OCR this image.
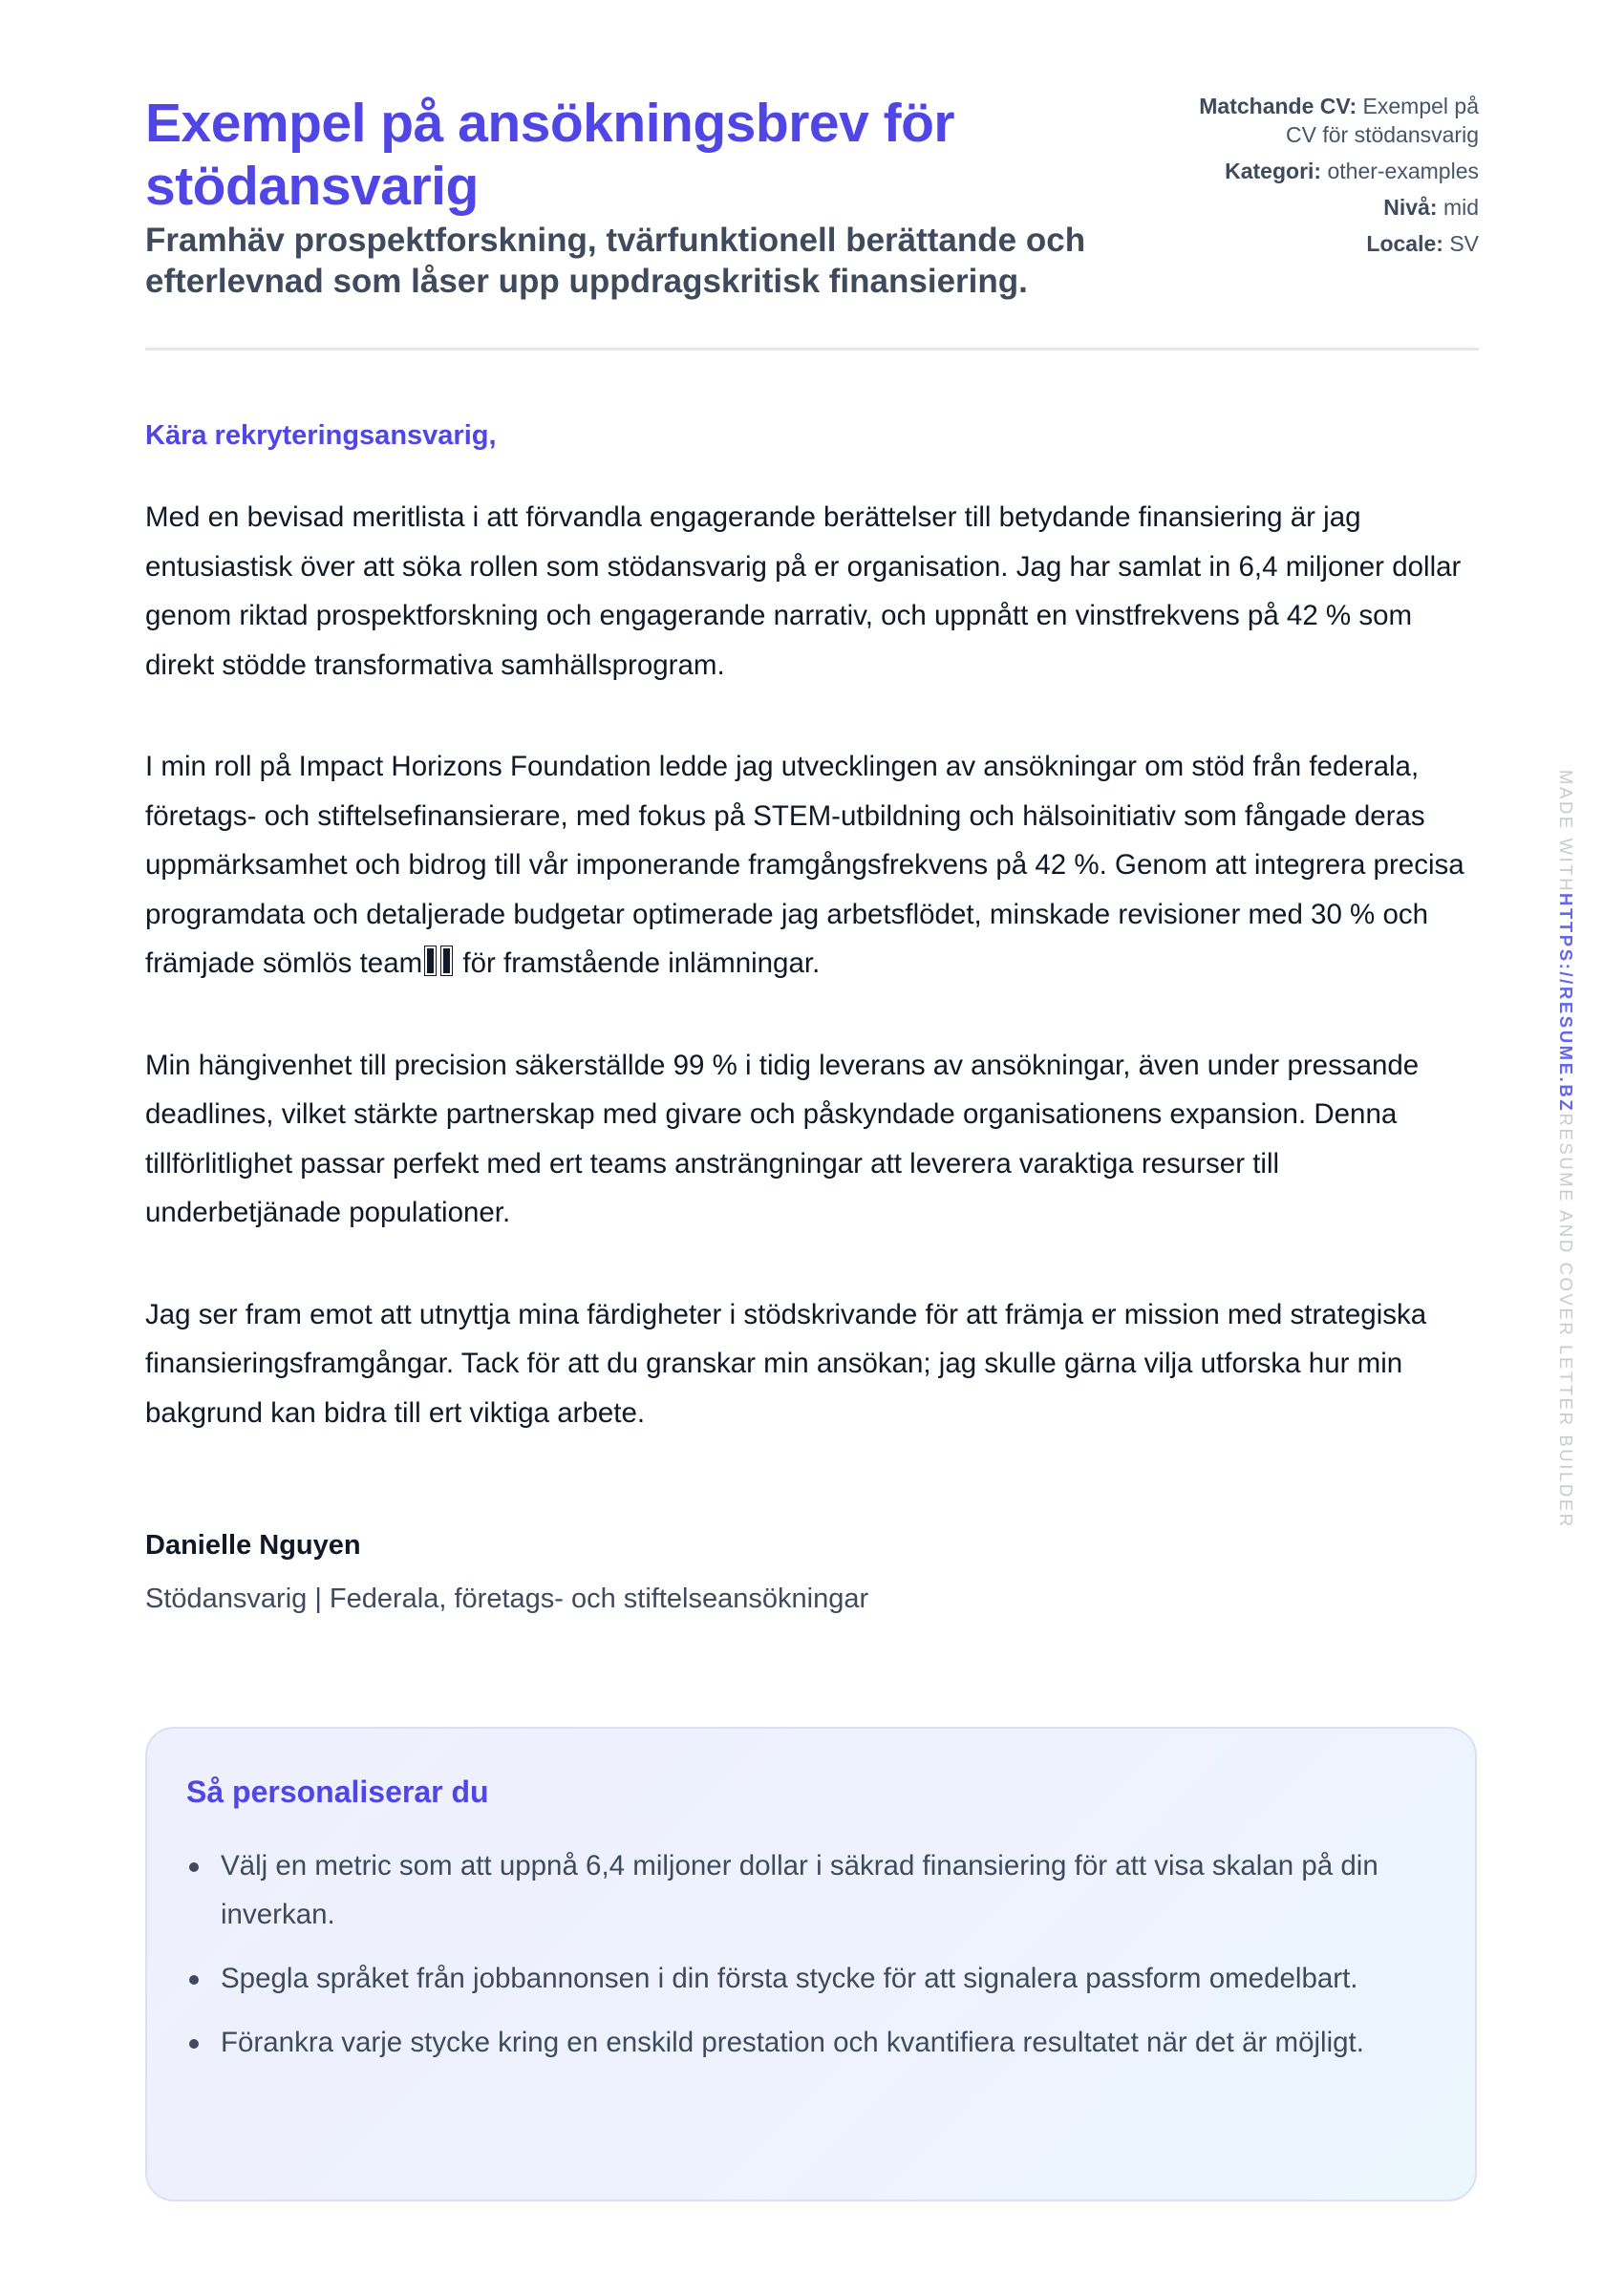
Exempel på ansökningsbrev för stödansvarig

Framhäv prospektforskning, tvärfunktionell berättande och efterlevnad som låser upp uppdragskritisk finansiering.

Matchande CV: Exempel på CV för stödansvarig
Kategori: other-examples
Nivå: mid
Locale: SV

Kära rekryteringsansvarig,

Med en bevisad meritlista i att förvandla engagerande berättelser till betydande finansiering är jag entusiastisk över att söka rollen som stödansvarig på er organisation. Jag har samlat in 6,4 miljoner dollar genom riktad prospektforskning och engagerande narrativ, och uppnått en vinstfrekvens på 42 % som direkt stödde transformativa samhällsprogram.

I min roll på Impact Horizons Foundation ledde jag utvecklingen av ansökningar om stöd från federala, företags- och stiftelsefinansierare, med fokus på STEM-utbildning och hälsoinitiativ som fångade deras uppmärksamhet och bidrog till vår imponerande framgångsfrekvens på 42 %. Genom att integrera precisa programdata och detaljerade budgetar optimerade jag arbetsflödet, minskade revisioner med 30 % och främjade sömlös team för framstående inlämningar.

Min hängivenhet till precision säkerställde 99 % i tidig leverans av ansökningar, även under pressande deadlines, vilket stärkte partnerskap med givare och påskyndade organisationens expansion. Denna tillförlitlighet passar perfekt med ert teams ansträngningar att leverera varaktiga resurser till underbetjänade populationer.

Jag ser fram emot att utnyttja mina färdigheter i stödskrivande för att främja er mission med strategiska finansieringsframgångar. Tack för att du granskar min ansökan; jag skulle gärna vilja utforska hur min bakgrund kan bidra till ert viktiga arbete.

Danielle Nguyen
Stödansvarig | Federala, företags- och stiftelseansökningar
Så personaliserar du
Välj en metric som att uppnå 6,4 miljoner dollar i säkrad finansiering för att visa skalan på din inverkan.
Spegla språket från jobbannonsen i din första stycke för att signalera passform omedelbart.
Förankra varje stycke kring en enskild prestation och kvantifiera resultatet när det är möjligt.
MADE WITHHTTPS://RESUME.BZRESUME AND COVER LETTER BUILDER
